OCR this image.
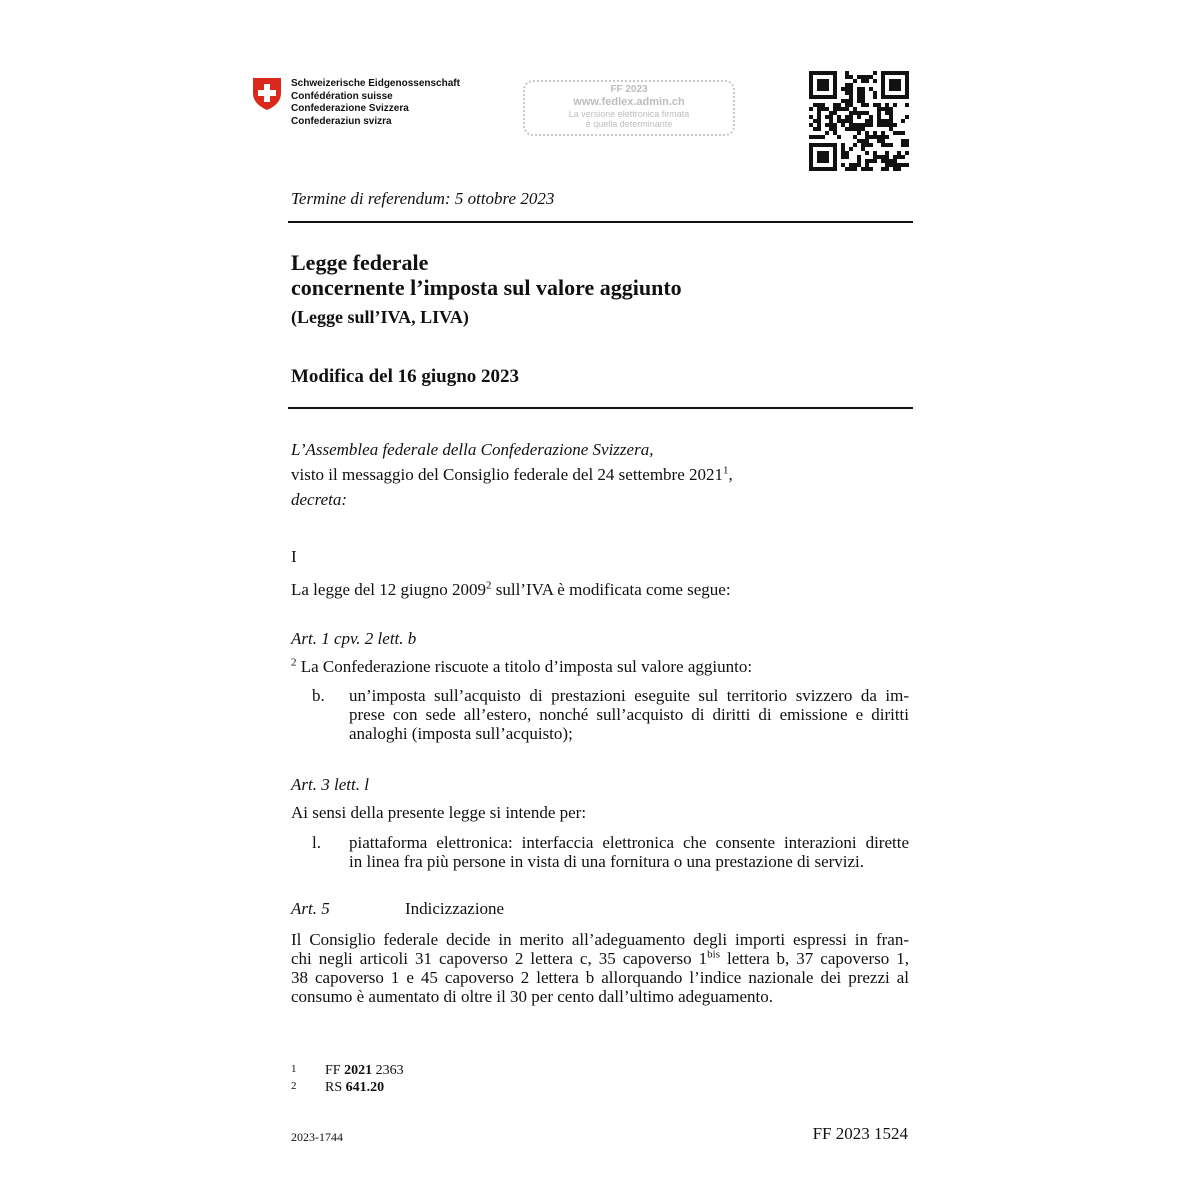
Schweizerische Eidgenossenschaft
Confédération suisse
Confederazione Svizzera
Confederaziun svizra
FF 2023
www.fedlex.admin.ch
La versione elettronica firmata
è quella determinante
Termine di referendum: 5 ottobre 2023
Legge federale
concernente l’imposta sul valore aggiunto
(Legge sull’IVA, LIVA)
Modifica del 16 giugno 2023
L’Assemblea federale della Confederazione Svizzera,
visto il messaggio del Consiglio federale del 24 settembre 2021$^1$,
decreta:
I
La legge del 12 giugno 2009$^2$ sull’IVA è modificata come segue:
Art. 1 cpv. 2 lett. b
$^2$ La Confederazione riscuote a titolo d’imposta sul valore aggiunto:
b. un’imposta sull’acquisto di prestazioni eseguite sul territorio svizzero da im-
prese con sede all’estero, nonché sull’acquisto di diritti di emissione e diritti
analoghi (imposta sull’acquisto);
Art. 3 lett. l
Ai sensi della presente legge si intende per:
l. piattaforma elettronica: interfaccia elettronica che consente interazioni dirette
in linea fra più persone in vista di una fornitura o una prestazione di servizi.
Art. 5	Indicizzazione
Il Consiglio federale decide in merito all’adeguamento degli importi espressi in fran-
chi negli articoli 31 capoverso 2 lettera c, 35 capoverso $1^{bis}$ lettera b, 37 capoverso 1,
38 capoverso 1 e 45 capoverso 2 lettera b allorquando l’indice nazionale dei prezzi al
consumo è aumentato di oltre il 30 per cento dall’ultimo adeguamento.
1 FF 2021 2363
2 RS 641.20
2023-1744	FF 2023 1524
